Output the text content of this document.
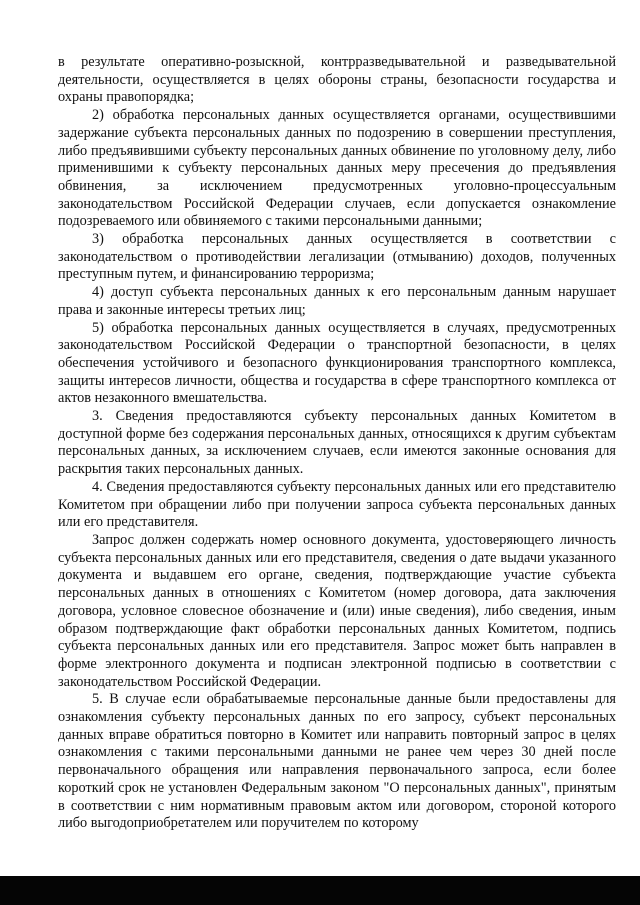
в результате оперативно-розыскной, контрразведывательной и разведывательной деятельности, осуществляется в целях обороны страны, безопасности государства и охраны правопорядка;

2) обработка персональных данных осуществляется органами, осуществившими задержание субъекта персональных данных по подозрению в совершении преступления, либо предъявившими субъекту персональных данных обвинение по уголовному делу, либо применившими к субъекту персональных данных меру пресечения до предъявления обвинения, за исключением предусмотренных уголовно-процессуальным законодательством Российской Федерации случаев, если допускается ознакомление подозреваемого или обвиняемого с такими персональными данными;

3) обработка персональных данных осуществляется в соответствии с законодательством о противодействии легализации (отмыванию) доходов, полученных преступным путем, и финансированию терроризма;

4) доступ субъекта персональных данных к его персональным данным нарушает права и законные интересы третьих лиц;

5) обработка персональных данных осуществляется в случаях, предусмотренных законодательством Российской Федерации о транспортной безопасности, в целях обеспечения устойчивого и безопасного функционирования транспортного комплекса, защиты интересов личности, общества и государства в сфере транспортного комплекса от актов незаконного вмешательства.

3. Сведения предоставляются субъекту персональных данных Комитетом в доступной форме без содержания персональных данных, относящихся к другим субъектам персональных данных, за исключением случаев, если имеются законные основания для раскрытия таких персональных данных.

4. Сведения предоставляются субъекту персональных данных или его представителю Комитетом при обращении либо при получении запроса субъекта персональных данных или его представителя.

Запрос должен содержать номер основного документа, удостоверяющего личность субъекта персональных данных или его представителя, сведения о дате выдачи указанного документа и выдавшем его органе, сведения, подтверждающие участие субъекта персональных данных в отношениях с Комитетом (номер договора, дата заключения договора, условное словесное обозначение и (или) иные сведения), либо сведения, иным образом подтверждающие факт обработки персональных данных Комитетом, подпись субъекта персональных данных или его представителя. Запрос может быть направлен в форме электронного документа и подписан электронной подписью в соответствии с законодательством Российской Федерации.

5. В случае если обрабатываемые персональные данные были предоставлены для ознакомления субъекту персональных данных по его запросу, субъект персональных данных вправе обратиться повторно в Комитет или направить повторный запрос в целях ознакомления с такими персональными данными не ранее чем через 30 дней после первоначального обращения или направления первоначального запроса, если более короткий срок не установлен Федеральным законом "О персональных данных", принятым в соответствии с ним нормативным правовым актом или договором, стороной которого либо выгодоприобретателем или поручителем по которому
